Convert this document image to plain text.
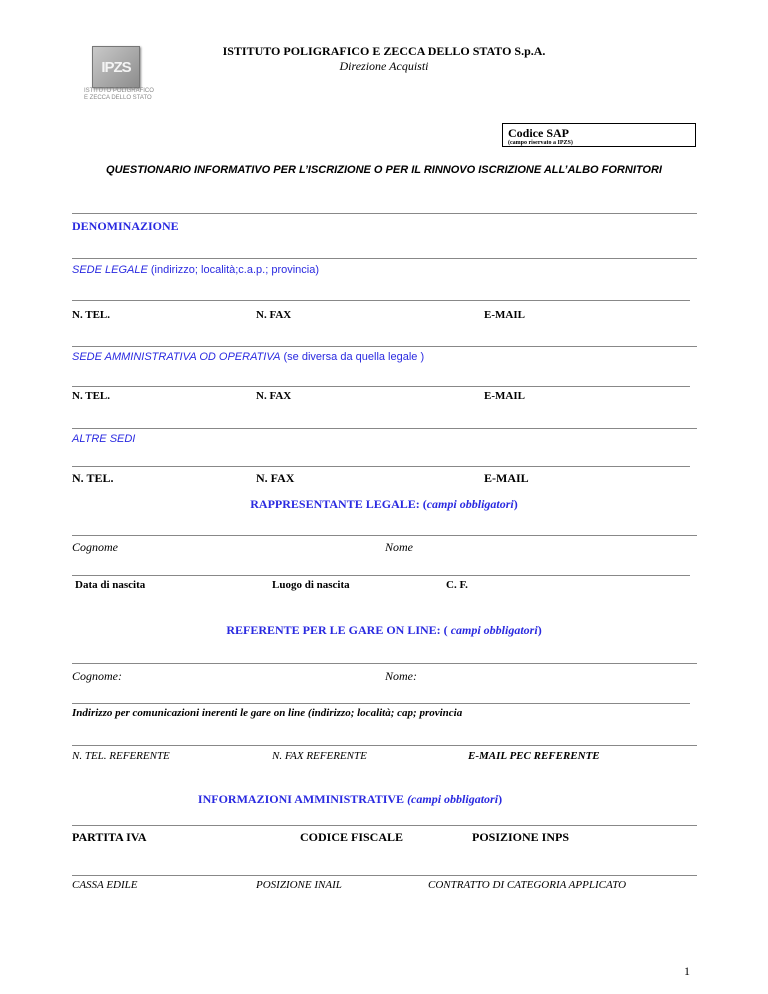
IPZS
ISTITUTO POLIGRAFICO
E ZECCA DELLO STATO
ISTITUTO POLIGRAFICO E ZECCA DELLO STATO S.p.A.
Direzione Acquisti
Codice SAP
(campo riservato a IPZS)
QUESTIONARIO INFORMATIVO PER L’ISCRIZIONE O PER IL RINNOVO ISCRIZIONE ALL’ALBO FORNITORI
DENOMINAZIONE
SEDE LEGALE (indirizzo; località;c.a.p.; provincia)
N. TEL.	N. FAX	E-MAIL
SEDE AMMINISTRATIVA OD OPERATIVA (se diversa da quella legale )
N. TEL.	N. FAX	E-MAIL
ALTRE SEDI
N. TEL.	N. FAX	E-MAIL
RAPPRESENTANTE LEGALE: (campi obbligatori)
Cognome	Nome
Data di nascita	Luogo di nascita	C. F.
REFERENTE PER LE GARE ON LINE: ( campi obbligatori)
Cognome:	Nome:
Indirizzo per comunicazioni inerenti le gare on line (indirizzo; località; cap; provincia
N. TEL. REFERENTE	N. FAX REFERENTE	E-MAIL PEC REFERENTE
INFORMAZIONI AMMINISTRATIVE (campi obbligatori)
PARTITA IVA	CODICE FISCALE	POSIZIONE INPS
CASSA EDILE	POSIZIONE INAIL	CONTRATTO DI CATEGORIA APPLICATO
1
